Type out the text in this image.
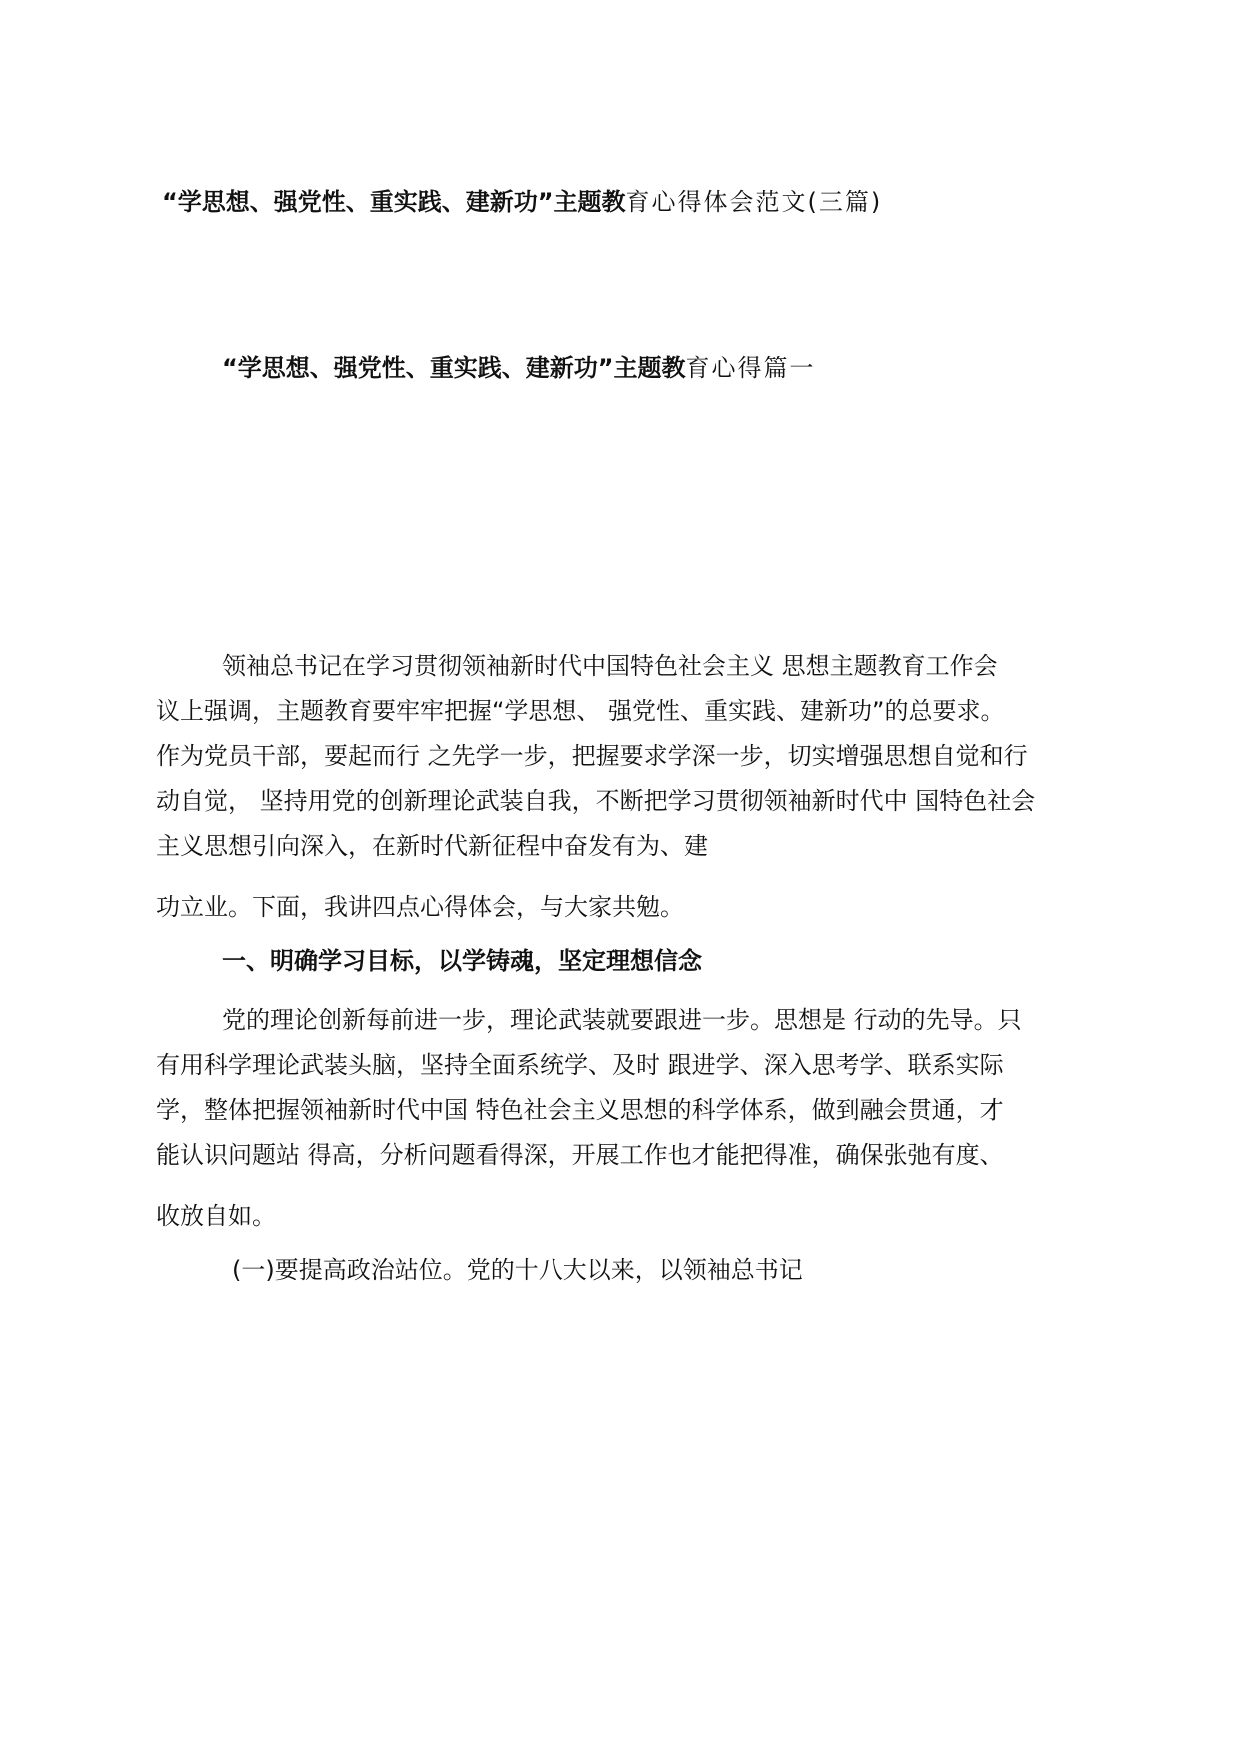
“学思想、强党性、重实践、建新功”主题教育心得体会范文(三篇)
“学思想、强党性、重实践、建新功”主题教育心得篇一
领袖总书记在学习贯彻领袖新时代中国特色社会主义 思想主题教育工作会
议上强调，主题教育要牢牢把握“学思想、 强党性、重实践、建新功”的总要求。
作为党员干部，要起而行 之先学一步，把握要求学深一步，切实增强思想自觉和行
动自觉， 坚持用党的创新理论武装自我，不断把学习贯彻领袖新时代中 国特色社会
主义思想引向深入，在新时代新征程中奋发有为、建
功立业。下面，我讲四点心得体会，与大家共勉。
一、明确学习目标，以学铸魂，坚定理想信念
党的理论创新每前进一步，理论武装就要跟进一步。思想是 行动的先导。只
有用科学理论武装头脑，坚持全面系统学、及时 跟进学、深入思考学、联系实际
学，整体把握领袖新时代中国 特色社会主义思想的科学体系，做到融会贯通，才
能认识问题站 得高，分析问题看得深，开展工作也才能把得准，确保张弛有度、
收放自如。
(一)要提高政治站位。党的十八大以来，以领袖总书记
